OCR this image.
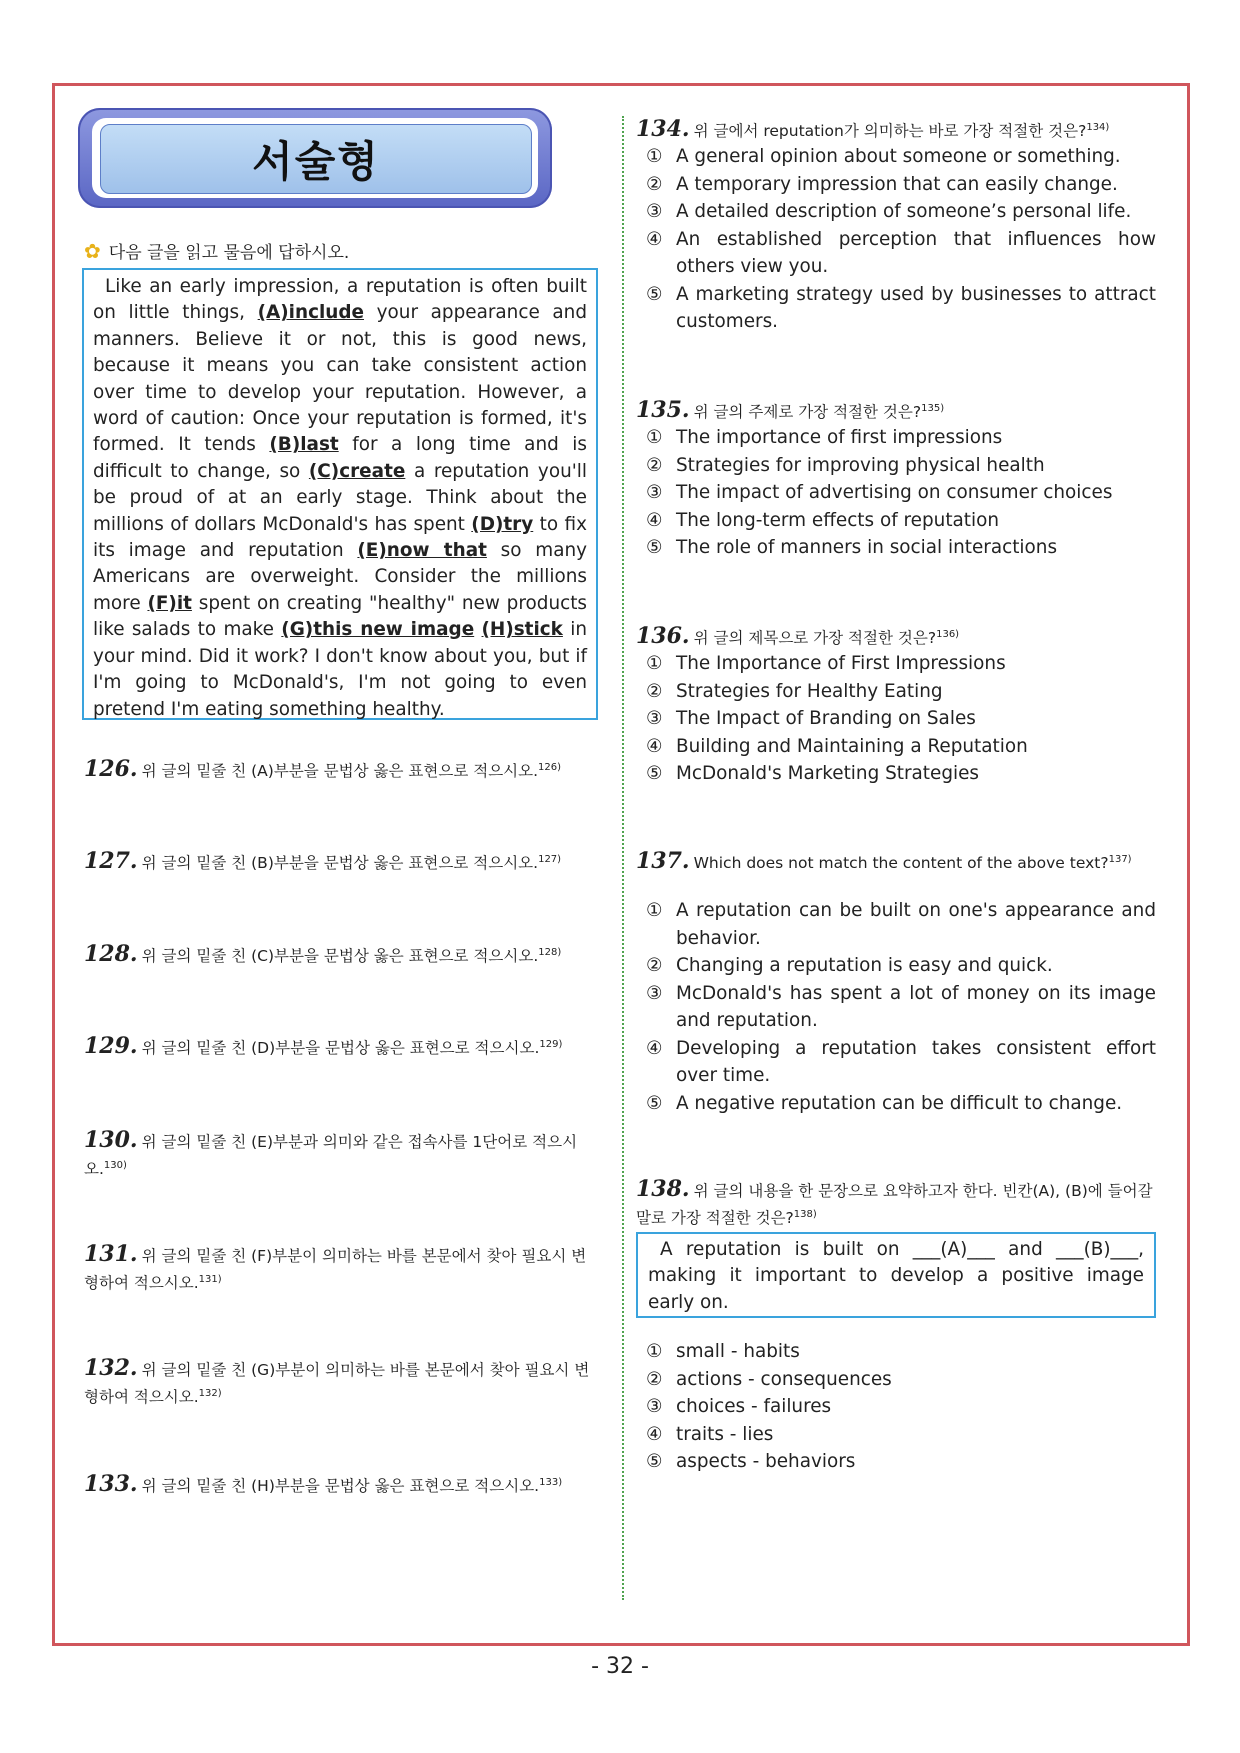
서술형
✿ 다음 글을 읽고 물음에 답하시오.
Like an early impression, a reputation is often built on little things, (A)include your appearance and manners. Believe it or not, this is good news, because it means you can take consistent action over time to develop your reputation. However, a word of caution: Once your reputation is formed, it's formed. It tends (B)last for a long time and is difficult to change, so (C)create a reputation you'll be proud of at an early stage. Think about the millions of dollars McDonald's has spent (D)try to fix its image and reputation (E)now that so many Americans are overweight. Consider the millions more (F)it spent on creating "healthy" new products like salads to make (G)this new image (H)stick in your mind. Did it work? I don't know about you, but if I'm going to McDonald's, I'm not going to even pretend I'm eating something healthy.
126. 위 글의 밑줄 친 (A)부분을 문법상 옳은 표현으로 적으시오.$^{126)}$
127. 위 글의 밑줄 친 (B)부분을 문법상 옳은 표현으로 적으시오.$^{127)}$
128. 위 글의 밑줄 친 (C)부분을 문법상 옳은 표현으로 적으시오.$^{128)}$
129. 위 글의 밑줄 친 (D)부분을 문법상 옳은 표현으로 적으시오.$^{129)}$
130. 위 글의 밑줄 친 (E)부분과 의미와 같은 접속사를 1단어로 적으시오.$^{130)}$
131. 위 글의 밑줄 친 (F)부분이 의미하는 바를 본문에서 찾아 필요시 변형하여 적으시오.$^{131)}$
132. 위 글의 밑줄 친 (G)부분이 의미하는 바를 본문에서 찾아 필요시 변형하여 적으시오.$^{132)}$
133. 위 글의 밑줄 친 (H)부분을 문법상 옳은 표현으로 적으시오.$^{133)}$
134. 위 글에서 reputation가 의미하는 바로 가장 적절한 것은?$^{134)}$
① A general opinion about someone or something.
② A temporary impression that can easily change.
③ A detailed description of someone’s personal life.
④ An established perception that influences how others view you.
⑤ A marketing strategy used by businesses to attract customers.
135. 위 글의 주제로 가장 적절한 것은?$^{135)}$
① The importance of first impressions
② Strategies for improving physical health
③ The impact of advertising on consumer choices
④ The long-term effects of reputation
⑤ The role of manners in social interactions
136. 위 글의 제목으로 가장 적절한 것은?$^{136)}$
① The Importance of First Impressions
② Strategies for Healthy Eating
③ The Impact of Branding on Sales
④ Building and Maintaining a Reputation
⑤ McDonald's Marketing Strategies
137. Which does not match the content of the above text?$^{137)}$
① A reputation can be built on one's appearance and behavior.
② Changing a reputation is easy and quick.
③ McDonald's has spent a lot of money on its image and reputation.
④ Developing a reputation takes consistent effort over time.
⑤ A negative reputation can be difficult to change.
138. 위 글의 내용을 한 문장으로 요약하고자 한다. 빈칸(A), (B)에 들어갈 말로 가장 적절한 것은?$^{138)}$
A reputation is built on ___(A)___ and ___(B)___, making it important to develop a positive image early on.
① small - habits
② actions - consequences
③ choices - failures
④ traits - lies
⑤ aspects - behaviors
- 32 -
